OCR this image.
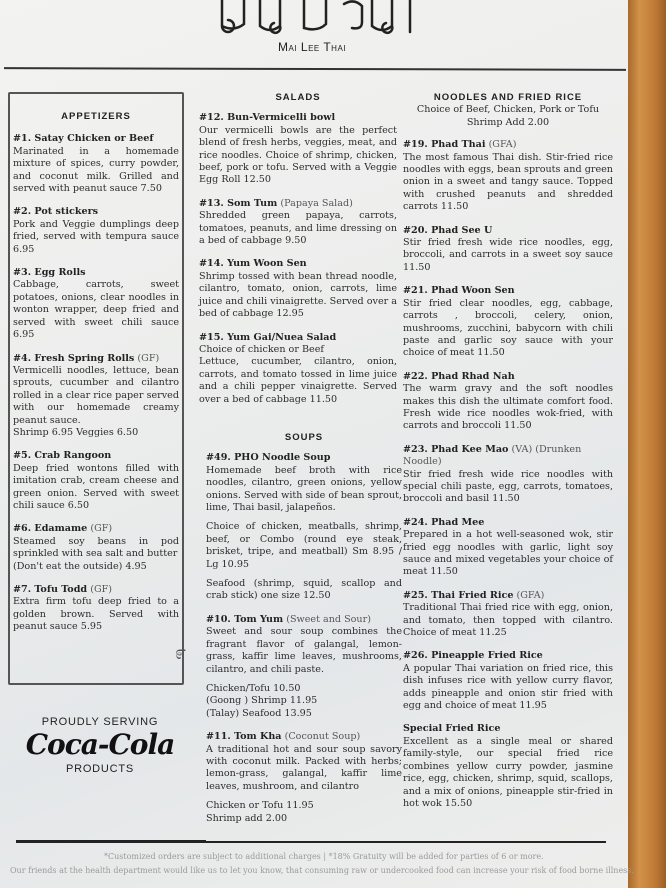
Mai Lee Thai
೯
APPETIZERS
#1. Satay Chicken or Beef
Marinated in a homemade mixture of spices, curry powder, and coconut milk. Grilled and served with peanut sauce 7.50
#2. Pot stickers
Pork and Veggie dumplings deep fried, served with tempura sauce 6.95
#3. Egg Rolls
Cabbage, carrots, sweet potatoes, onions, clear noodles in wonton wrapper, deep fried and served with sweet chili sauce 6.95
#4. Fresh Spring Rolls (GF)
Vermicelli noodles, lettuce, bean sprouts, cucumber and cilantro rolled in a clear rice paper served with our homemade creamy peanut sauce.
Shrimp 6.95 Veggies 6.50
#5. Crab Rangoon
Deep fried wontons filled with imitation crab, cream cheese and green onion. Served with sweet chili sauce 6.50
#6. Edamame (GF)
Steamed soy beans in pod sprinkled with sea salt and butter
(Don't eat the outside) 4.95
#7. Tofu Todd (GF)
Extra firm tofu deep fried to a golden brown. Served with peanut sauce 5.95
SALADS
#12. Bun-Vermicelli bowl
Our vermicelli bowls are the perfect blend of fresh herbs, veggies, meat, and rice noodles. Choice of shrimp, chicken, beef, pork or tofu. Served with a Veggie Egg Roll 12.50
#13. Som Tum (Papaya Salad)
Shredded green papaya, carrots, tomatoes, peanuts, and lime dressing on a bed of cabbage 9.50
#14. Yum Woon Sen
Shrimp tossed with bean thread noodle, cilantro, tomato, onion, carrots, lime juice and chili vinaigrette. Served over a bed of cabbage 12.95
#15. Yum Gai/Nuea Salad
Choice of chicken or Beef
Lettuce, cucumber, cilantro, onion, carrots, and tomato tossed in lime juice and a chili pepper vinaigrette. Served over a bed of cabbage 11.50
SOUPS
#49. PHO Noodle Soup
Homemade beef broth with rice noodles, cilantro, green onions, yellow onions. Served with side of bean sprout, lime, Thai basil, jalapeños.
Choice of chicken, meatballs, shrimp, beef, or Combo (round eye steak, brisket, tripe, and meatball) Sm 8.95 / Lg 10.95
Seafood (shrimp, squid, scallop and crab stick) one size 12.50
#10. Tom Yum (Sweet and Sour)
Sweet and sour soup combines the fragrant flavor of galangal, lemon-grass, kaffir lime leaves, mushrooms, cilantro, and chili paste.
Chicken/Tofu 10.50
(Goong ) Shrimp 11.95
(Talay) Seafood 13.95
#11. Tom Kha (Coconut Soup)
A traditional hot and sour soup savory with coconut milk. Packed with herbs; lemon-grass, galangal, kaffir lime leaves, mushroom, and cilantro
Chicken or Tofu 11.95
Shrimp add 2.00
NOODLES AND FRIED RICE
Choice of Beef, Chicken, Pork or Tofu
Shrimp Add 2.00
#19. Phad Thai (GFA)
The most famous Thai dish. Stir-fried rice noodles with eggs, bean sprouts and green onion in a sweet and tangy sauce. Topped with crushed peanuts and shredded carrots 11.50
#20. Phad See U
Stir fried fresh wide rice noodles, egg, broccoli, and carrots in a sweet soy sauce 11.50
#21. Phad Woon Sen
Stir fried clear noodles, egg, cabbage, carrots , broccoli, celery, onion, mushrooms, zucchini, babycorn with chili paste and garlic soy sauce with your choice of meat 11.50
#22. Phad Rhad Nah
The warm gravy and the soft noodles makes this dish the ultimate comfort food. Fresh wide rice noodles wok-fried, with carrots and broccoli 11.50
#23. Phad Kee Mao (VA) (Drunken Noodle)
Stir fried fresh wide rice noodles with special chili paste, egg, carrots, tomatoes, broccoli and basil 11.50
#24. Phad Mee
Prepared in a hot well-seasoned wok, stir fried egg noodles with garlic, light soy sauce and mixed vegetables your choice of meat 11.50
#25. Thai Fried Rice (GFA)
Traditional Thai fried rice with egg, onion, and tomato, then topped with cilantro. Choice of meat 11.25
#26. Pineapple Fried Rice
A popular Thai variation on fried rice, this dish infuses rice with yellow curry flavor, adds pineapple and onion stir fried with egg and choice of meat 11.95
Special Fried Rice
Excellent as a single meal or shared family-style, our special fried rice combines yellow curry powder, jasmine rice, egg, chicken, shrimp, squid, scallops, and a mix of onions, pineapple stir-fried in hot wok 15.50
PROUDLY SERVING
Coca-Cola
PRODUCTS
*Customized orders are subject to additional charges | *18% Gratuity will be added for parties of 6 or more.
Our friends at the health department would like us to let you know, that consuming raw or undercooked food can increase your risk of food borne illness.
